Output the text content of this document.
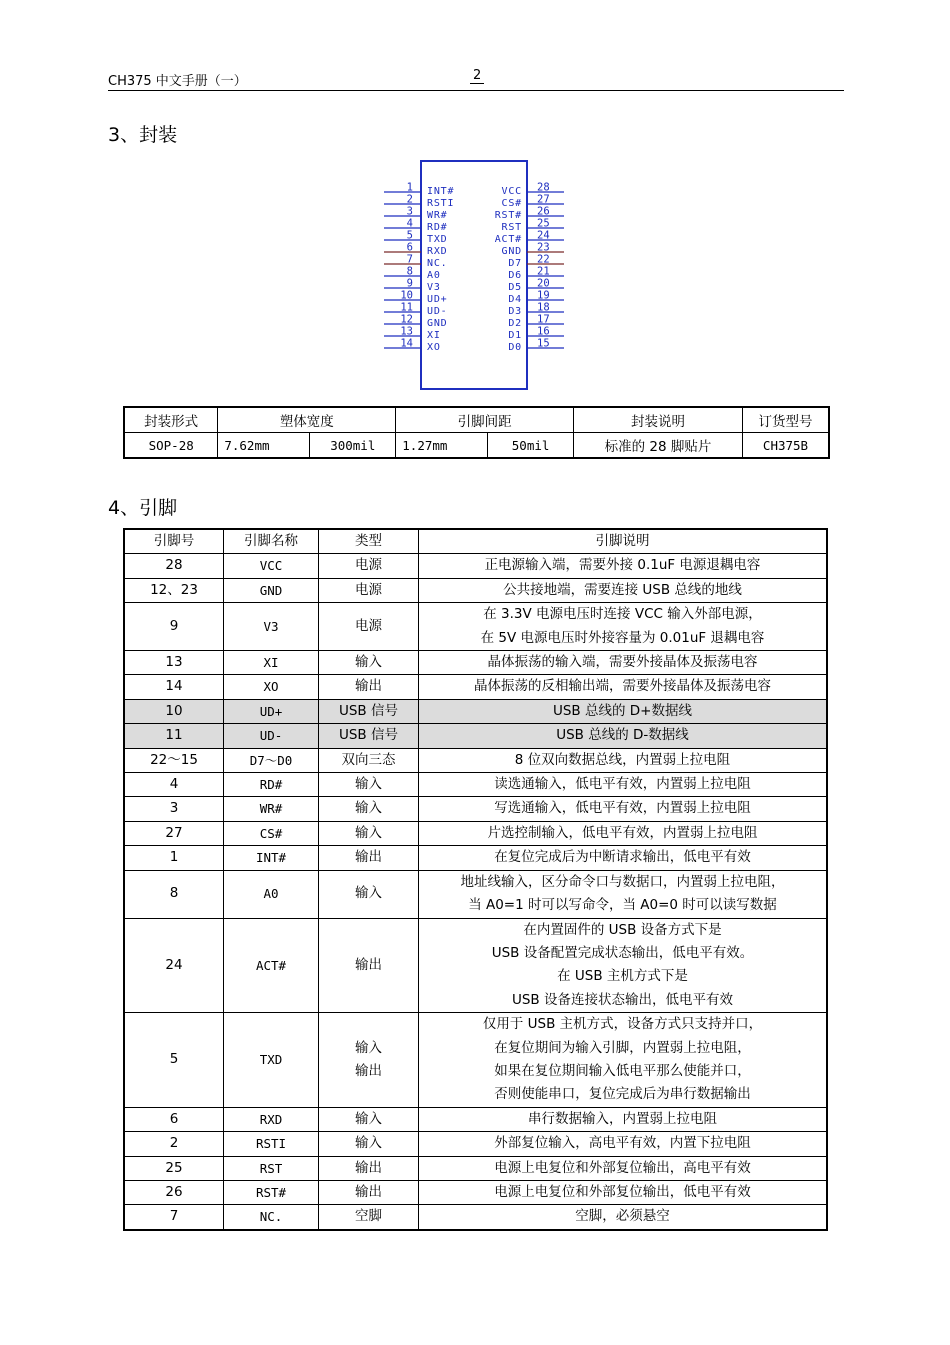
CH375 中文手册（一）	2
3、封装
1 INT#
2 RSTI
3 WR#
4 RD#
5 TXD
6 RXD
7 NC.
8 A0
9 V3
10 UD+
11 UD-
12 GND
13 XI
14 XO
28
VCC
27
CS#
26
RST#
25
RST
24
ACT#
23
GND
22
D7
21
D6
20
D5
19
D4
18
D3
17
D2
16
D1
15
D0
封装形式	塑体宽度		引脚间距		封装说明	订货型号
SOP-28	7.62mm	300mil	1.27mm	50mil	标准的 28 脚贴片	CH375B
4、引脚
引脚号	引脚名称	类型	引脚说明
28	VCC	电源	正电源输入端，需要外接 0.1uF 电源退耦电容

12、23	GND	电源	公共接地端，需要连接 USB 总线的地线

9	V3	电源	在 3.3V 电源电压时连接 VCC 输入外部电源，
在 5V 电源电压时外接容量为 0.01uF 退耦电容

13	XI	输入	晶体振荡的输入端，需要外接晶体及振荡电容

14	XO	输出	晶体振荡的反相输出端，需要外接晶体及振荡电容

10	UD+	USB 信号	USB 总线的 D+数据线

11	UD-	USB 信号	USB 总线的 D-数据线

22～15	D7～D0	双向三态	8 位双向数据总线，内置弱上拉电阻

4	RD#	输入	读选通输入，低电平有效，内置弱上拉电阻

3	WR#	输入	写选通输入，低电平有效，内置弱上拉电阻

27	CS#	输入	片选控制输入，低电平有效，内置弱上拉电阻

1	INT#	输出	在复位完成后为中断请求输出，低电平有效

8	A0	输入	地址线输入，区分命令口与数据口，内置弱上拉电阻，
当 A0=1 时可以写命令，当 A0=0 时可以读写数据

24	ACT#	输出	在内置固件的 USB 设备方式下是
USB 设备配置完成状态输出，低电平有效。
在 USB 主机方式下是
USB 设备连接状态输出，低电平有效

5	TXD	输入
输出	仅用于 USB 主机方式，设备方式只支持并口，
在复位期间为输入引脚，内置弱上拉电阻，
如果在复位期间输入低电平那么使能并口，
否则使能串口，复位完成后为串行数据输出

6	RXD	输入	串行数据输入，内置弱上拉电阻

2	RSTI	输入	外部复位输入，高电平有效，内置下拉电阻

25	RST	输出	电源上电复位和外部复位输出，高电平有效

26	RST#	输出	电源上电复位和外部复位输出，低电平有效

7	NC.	空脚	空脚，必须悬空
